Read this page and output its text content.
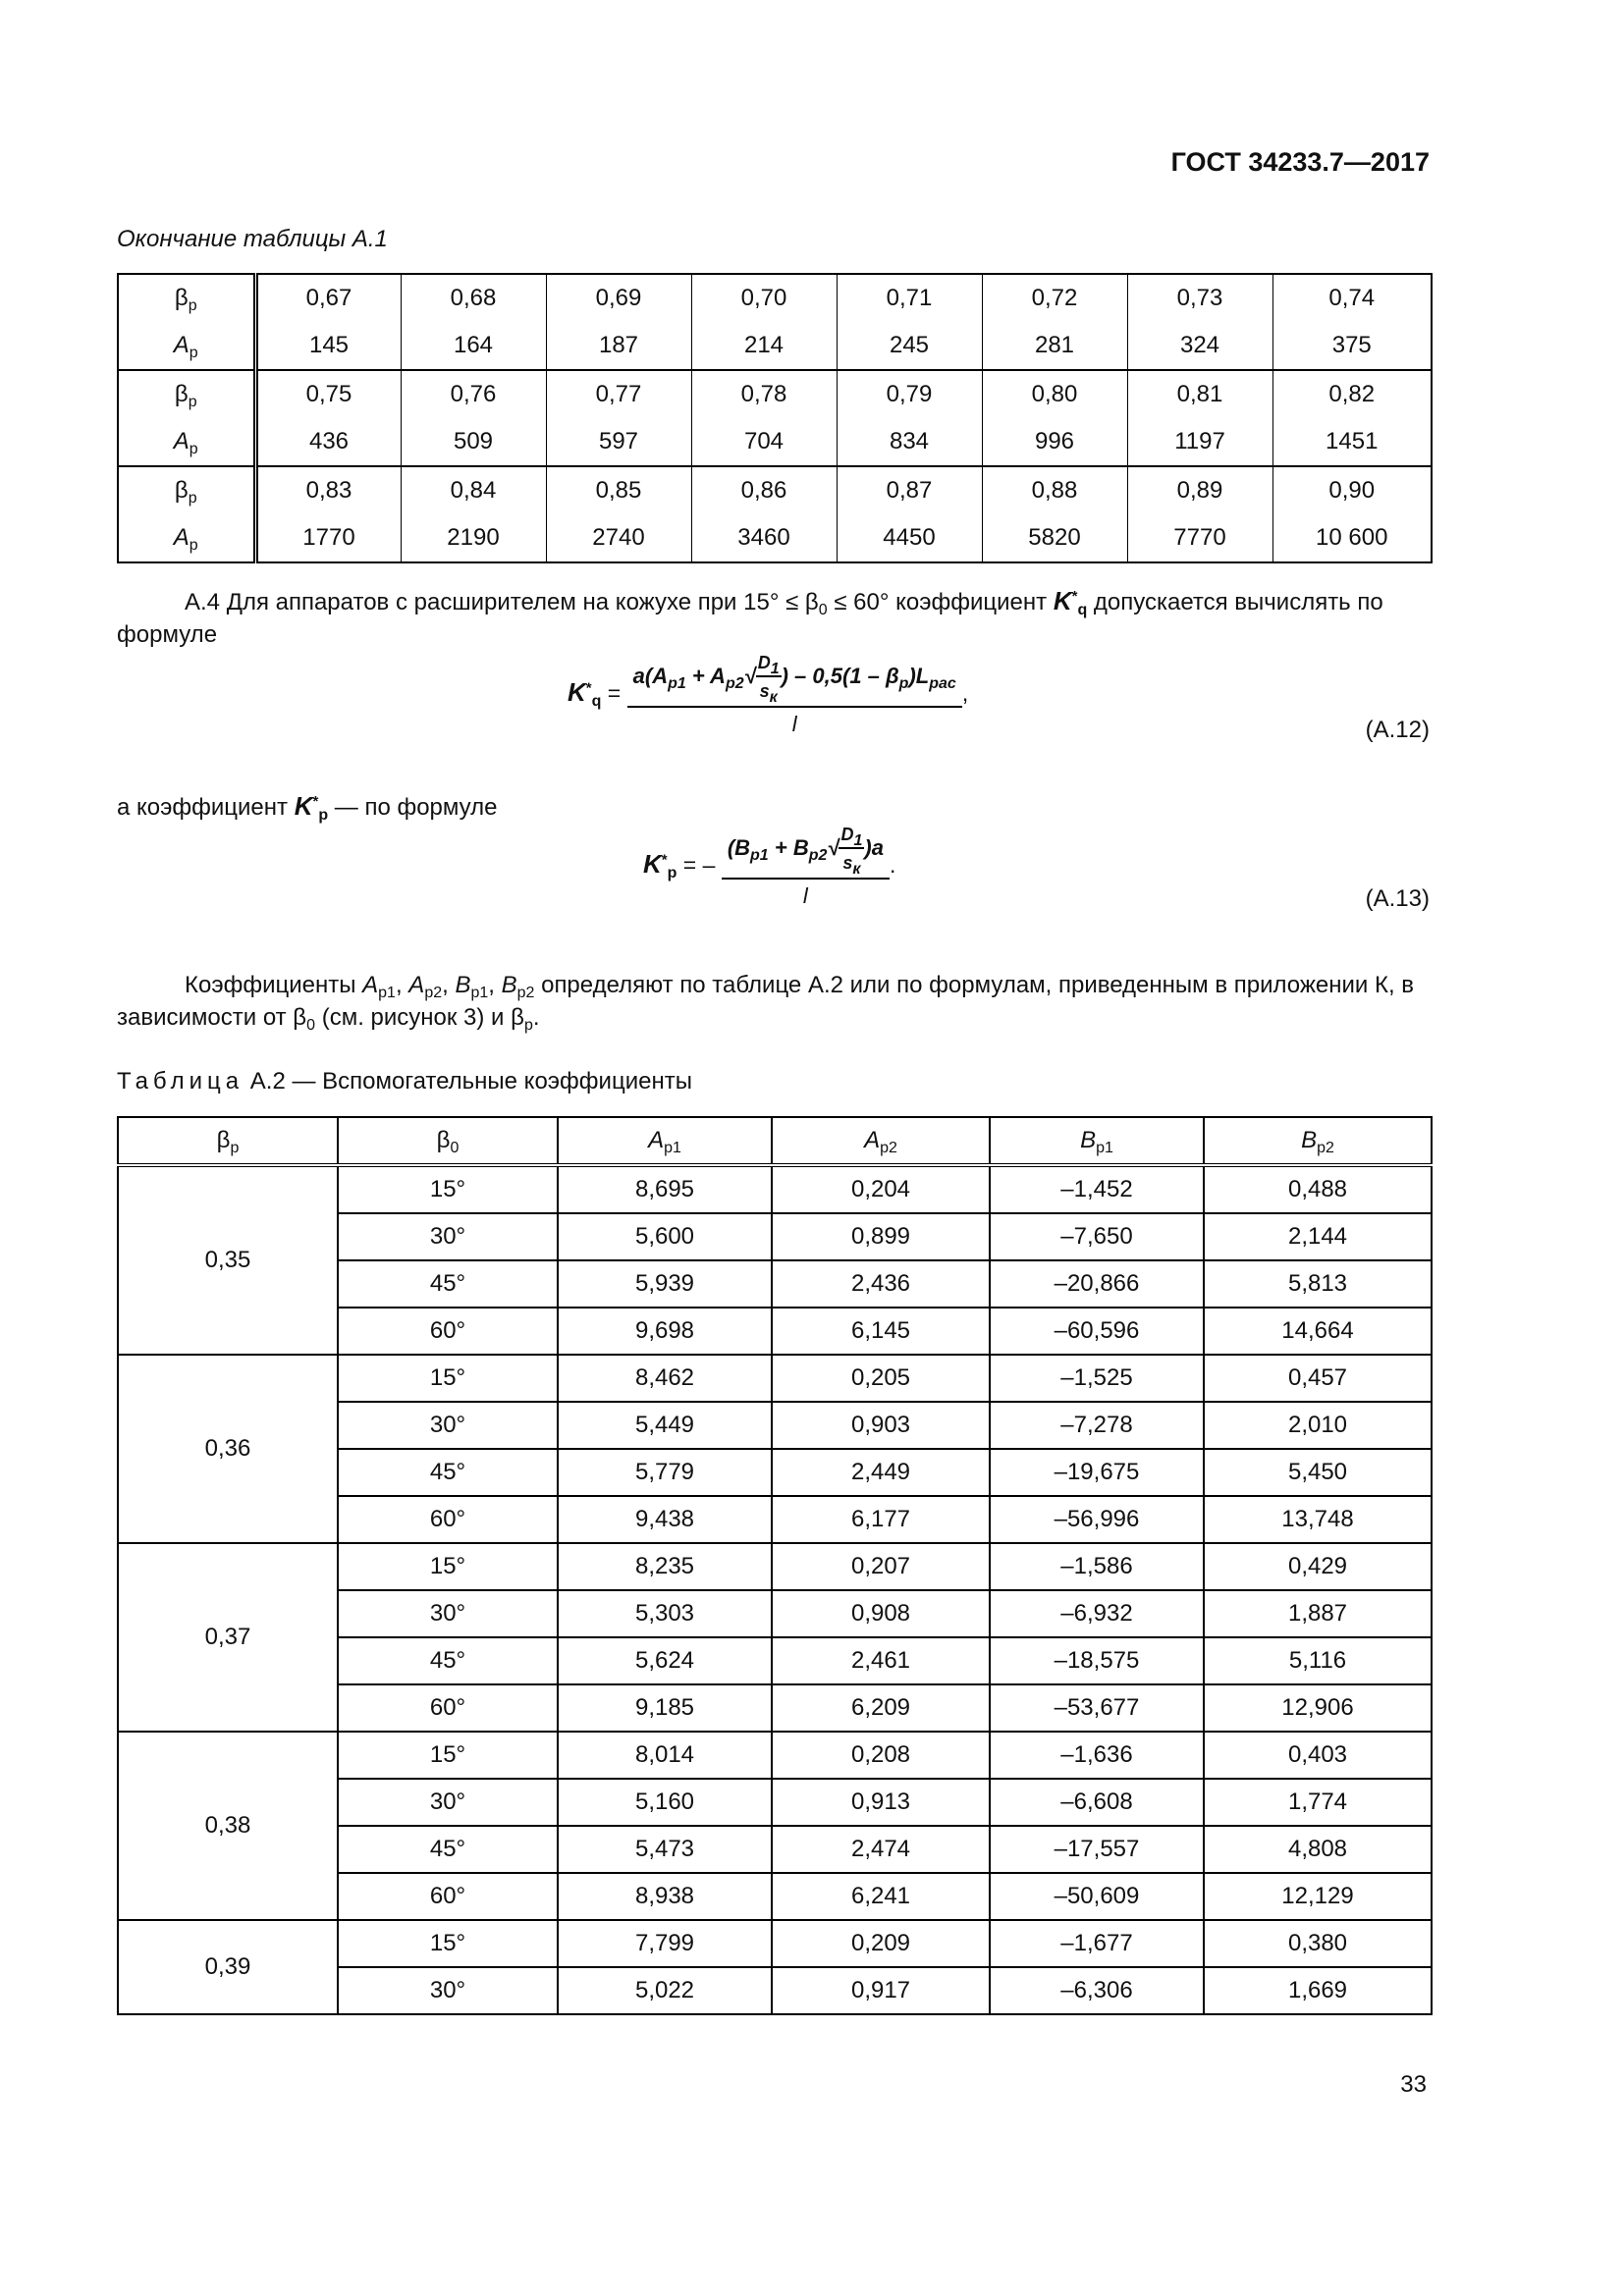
ГОСТ 34233.7—2017
Окончание таблицы А.1
$\beta_р$	0,67	0,68	0,69	0,70	0,71	0,72	0,73	0,74
$A_р$	145	164	187	214	245	281	324	375
$\beta_р$	0,75	0,76	0,77	0,78	0,79	0,80	0,81	0,82
$A_р$	436	509	597	704	834	996	1197	1451
$\beta_р$	0,83	0,84	0,85	0,86	0,87	0,88	0,89	0,90
$A_р$	1770	2190	2740	3460	4450	5820	7770	10 600
А.4 Для аппаратов с расширителем на кожухе при $15^\circ \le \beta_0 \le 60^\circ$ коэффициент $K^*_q$ допускается вычислять по формуле
$K^*_q = \frac{a(A_{p1} + A_{p2}√ \frac{D_1}{s_к} ) - 0,5(1 - \beta_p)L_{рас}}{l}$ ,
(А.12)
а коэффициент $K^*_p$ — по формуле
$K^*_p$ = – $\frac{(B_{p1} + B_{p2}√ \frac{D_1}{s_к} )a}{l}$ .
(А.13)
Коэффициенты $A_{р1}$, $A_{р2}$, $B_{р1}$, $B_{р2}$ определяют по таблице А.2 или по формулам, приведенным в приложении К, в зависимости от $\beta_0$ (см. рисунок 3) и $\beta_р$.
Таблица А.2 — Вспомогательные коэффициенты
$\beta_р$	$\beta_0$	$A_{р1}$	$A_{р2}$	$B_{р1}$	$B_{р2}$
0,35	15°	8,695	0,204	–1,452	0,488
	30°	5,600	0,899	–7,650	2,144
	45°	5,939	2,436	–20,866	5,813
	60°	9,698	6,145	–60,596	14,664
0,36	15°	8,462	0,205	–1,525	0,457
	30°	5,449	0,903	–7,278	2,010
	45°	5,779	2,449	–19,675	5,450
	60°	9,438	6,177	–56,996	13,748
0,37	15°	8,235	0,207	–1,586	0,429
	30°	5,303	0,908	–6,932	1,887
	45°	5,624	2,461	–18,575	5,116
	60°	9,185	6,209	–53,677	12,906
0,38	15°	8,014	0,208	–1,636	0,403
	30°	5,160	0,913	–6,608	1,774
	45°	5,473	2,474	–17,557	4,808
	60°	8,938	6,241	–50,609	12,129
0,39	15°	7,799	0,209	–1,677	0,380
	30°	5,022	0,917	–6,306	1,669
33
